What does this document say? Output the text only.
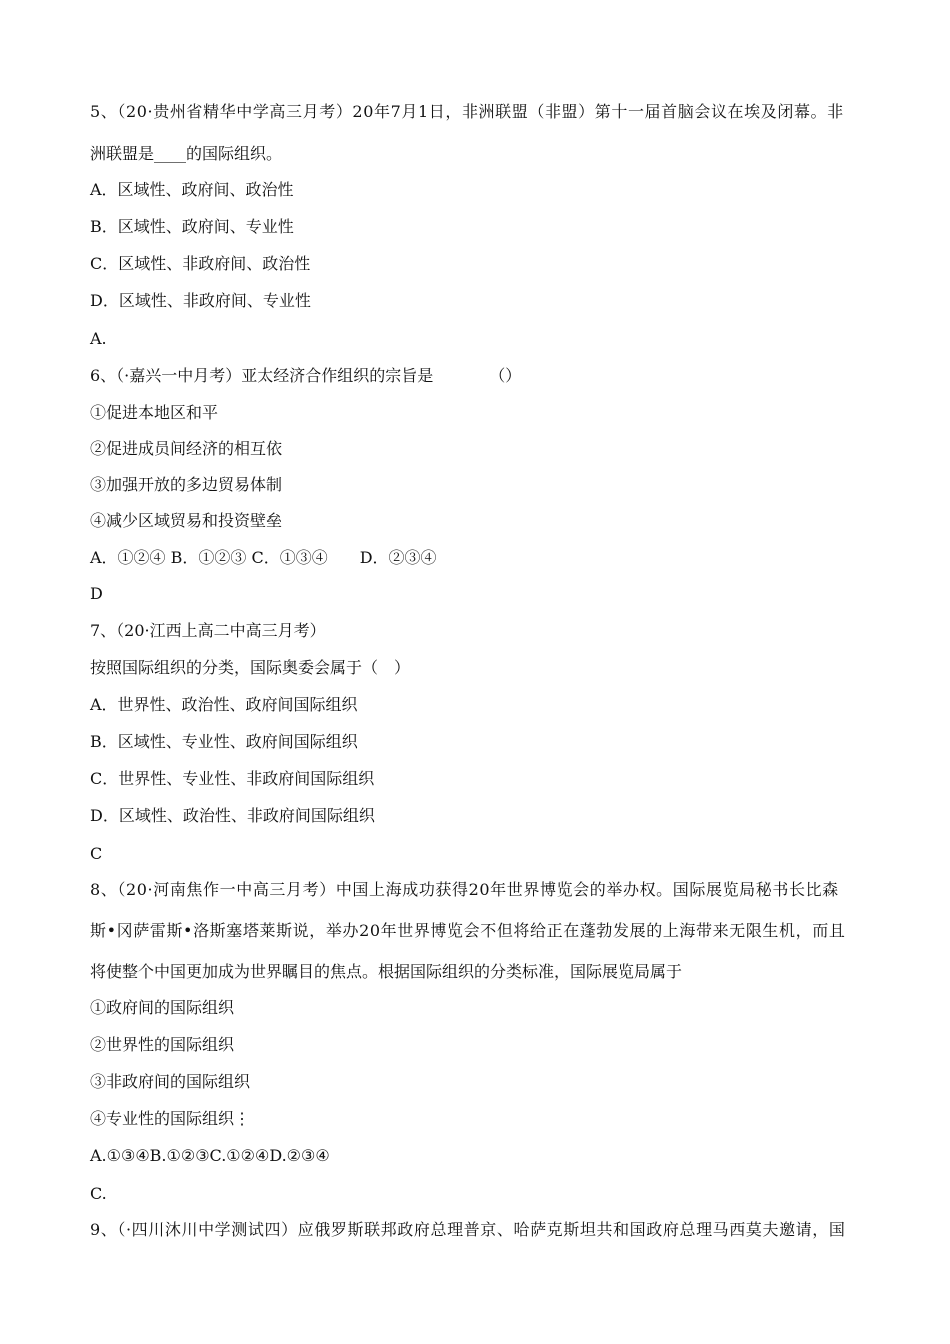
5、（20·贵州省精华中学高三月考）20年7月1日，非洲联盟（非盟）第十一届首脑会议在埃及闭幕。非
洲联盟是____的国际组织。
A．区域性、政府间、政治性
B．区域性、政府间、专业性
C．区域性、非政府间、政治性
D．区域性、非政府间、专业性
A.
6、（·嘉兴一中月考）亚太经济合作组织的宗旨是　　　　（）
①促进本地区和平
②促进成员间经济的相互依
③加强开放的多边贸易体制
④减少区域贸易和投资壁垒
A．①②④ B．①②③ C．①③④　　D．②③④
D
7、（20·江西上高二中高三月考）
按照国际组织的分类，国际奥委会属于（　）
A．世界性、政治性、政府间国际组织
B．区域性、专业性、政府间国际组织
C．世界性、专业性、非政府间国际组织
D．区域性、政治性、非政府间国际组织
C
8、（20·河南焦作一中高三月考）中国上海成功获得20年世界博览会的举办权。国际展览局秘书长比森
斯•冈萨雷斯•洛斯塞塔莱斯说，举办20年世界博览会不但将给正在蓬勃发展的上海带来无限生机，而且
将使整个中国更加成为世界瞩目的焦点。根据国际组织的分类标准，国际展览局属于
①政府间的国际组织
②世界性的国际组织
③非政府间的国际组织
④专业性的国际组织⋮
A.①③④B.①②③C.①②④D.②③④
C.
9、（·四川沐川中学测试四）应俄罗斯联邦政府总理普京、哈萨克斯坦共和国政府总理马西莫夫邀请，国
